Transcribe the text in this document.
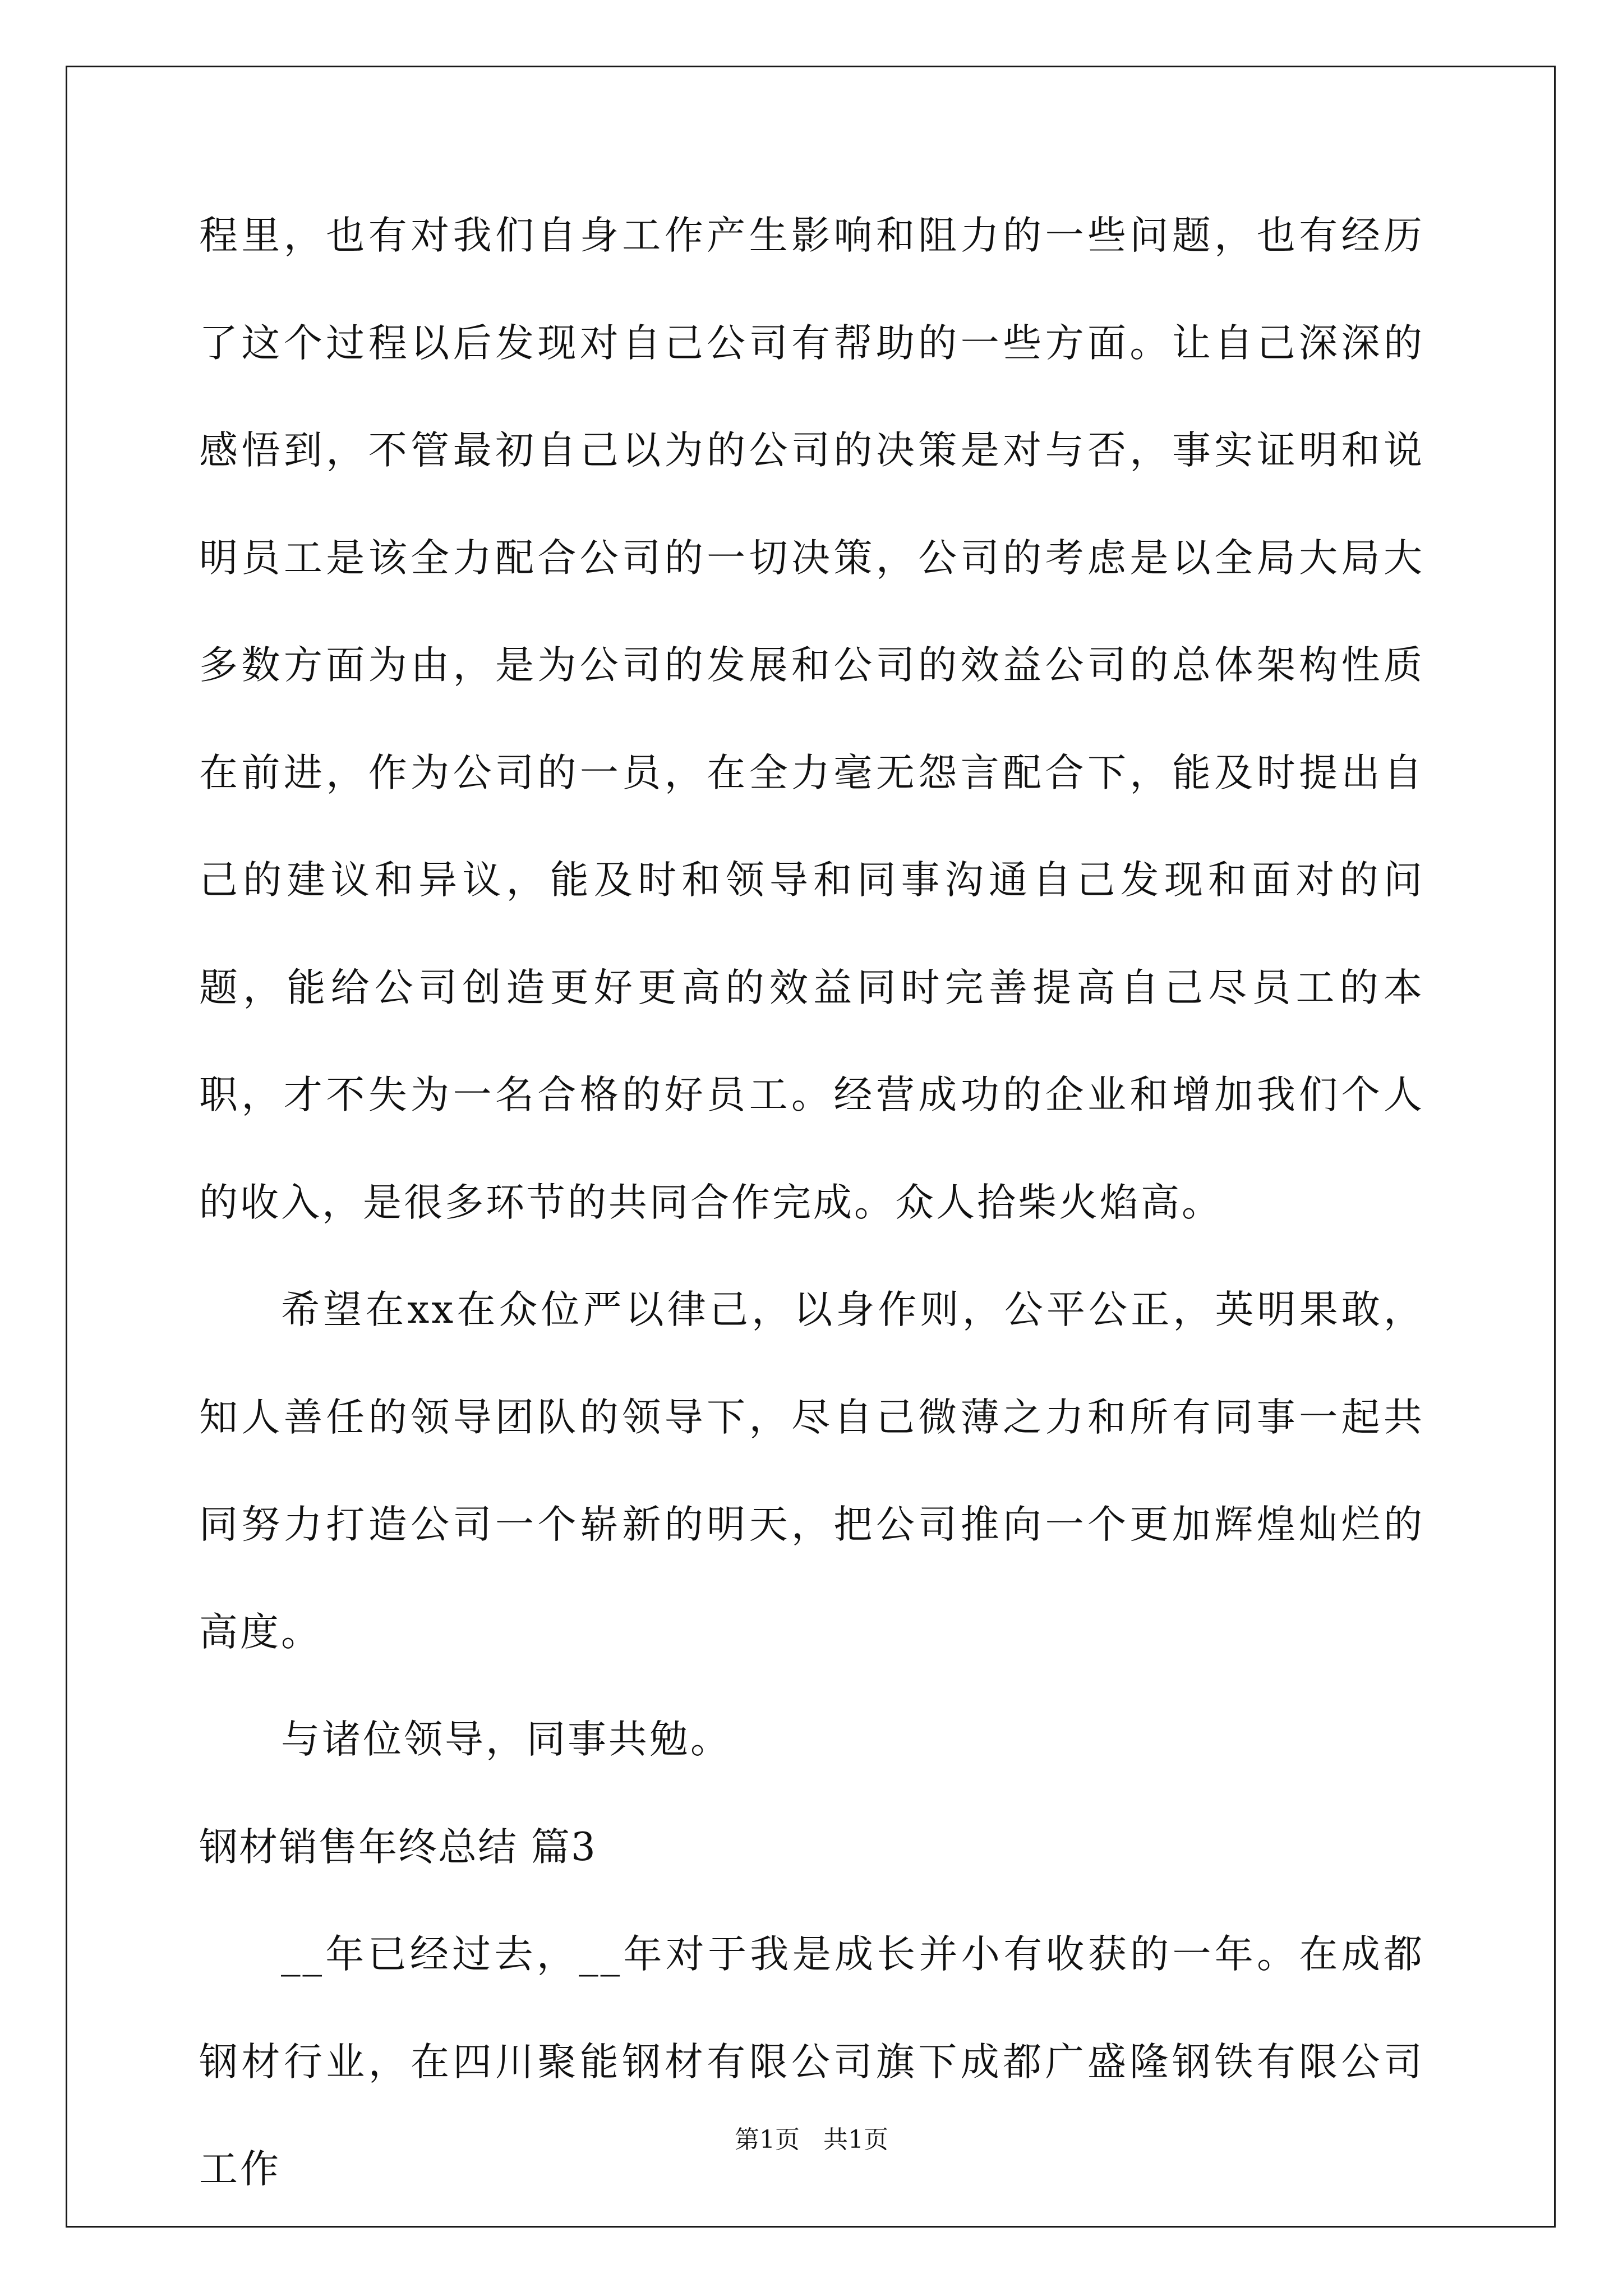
程里，也有对我们自身工作产生影响和阻力的一些问题，也有经历了这个过程以后发现对自己公司有帮助的一些方面。让自己深深的感悟到，不管最初自己以为的公司的决策是对与否，事实证明和说明员工是该全力配合公司的一切决策，公司的考虑是以全局大局大多数方面为由，是为公司的发展和公司的效益公司的总体架构性质在前进，作为公司的一员，在全力毫无怨言配合下，能及时提出自己的建议和异议，能及时和领导和同事沟通自己发现和面对的问题，能给公司创造更好更高的效益同时完善提高自己尽员工的本职，才不失为一名合格的好员工。经营成功的企业和增加我们个人的收入，是很多环节的共同合作完成。众人拾柴火焰高。

希望在xx在众位严以律己，以身作则，公平公正，英明果敢，知人善任的领导团队的领导下，尽自己微薄之力和所有同事一起共同努力打造公司一个崭新的明天，把公司推向一个更加辉煌灿烂的高度。

与诸位领导，同事共勉。

钢材销售年终总结 篇3

__年已经过去，__年对于我是成长并小有收获的一年。在成都钢材行业，在四川聚能钢材有限公司旗下成都广盛隆钢铁有限公司工作

第1页   共1页
